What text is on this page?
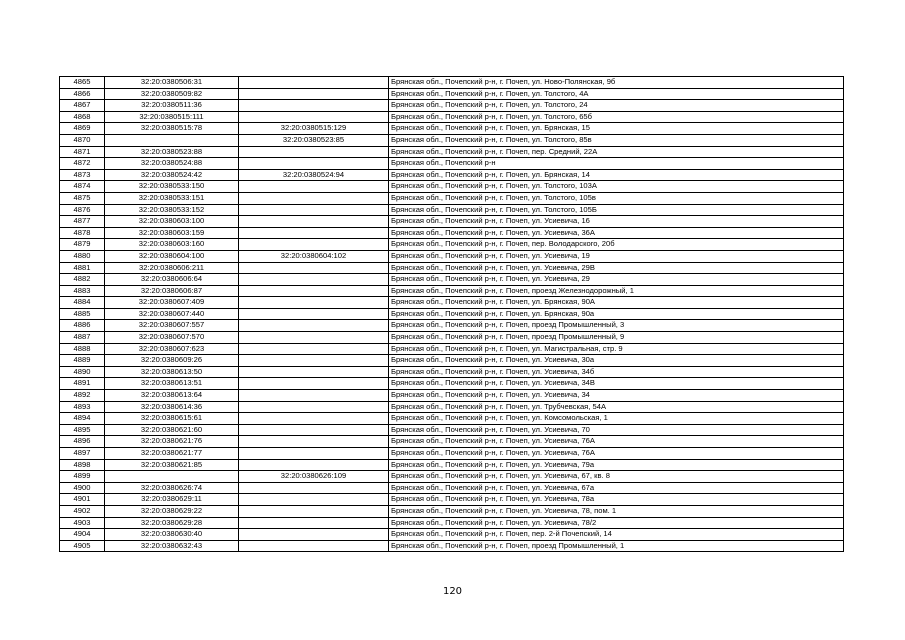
4865	32:20:0380506:31		Брянская обл., Почепский р-н, г. Почеп, ул. Ново-Полянская, 9б
4866	32:20:0380509:82		Брянская обл., Почепский р-н, г. Почеп, ул. Толстого, 4А
4867	32:20:0380511:36		Брянская обл., Почепский р-н, г. Почеп, ул. Толстого, 24
4868	32:20:0380515:111		Брянская обл., Почепский р-н, г. Почеп, ул. Толстого, 65б
4869	32:20:0380515:78	32:20:0380515:129	Брянская обл., Почепский р-н, г. Почеп, ул. Брянская, 15
4870		32:20:0380523:85	Брянская обл., Почепский р-н, г. Почеп, ул. Толстого, 85в
4871	32:20:0380523:88		Брянская обл., Почепский р-н, г. Почеп, пер. Средний, 22А
4872	32:20:0380524:88		Брянская обл., Почепский р-н
4873	32:20:0380524:42	32:20:0380524:94	Брянская обл., Почепский р-н, г. Почеп, ул. Брянская, 14
4874	32:20:0380533:150		Брянская обл., Почепский р-н, г. Почеп, ул. Толстого, 103А
4875	32:20:0380533:151		Брянская обл., Почепский р-н, г. Почеп, ул. Толстого, 105в
4876	32:20:0380533:152		Брянская обл., Почепский р-н, г. Почеп, ул. Толстого, 105Б
4877	32:20:0380603:100		Брянская обл., Почепский р-н, г. Почеп, ул. Усиевича, 16
4878	32:20:0380603:159		Брянская обл., Почепский р-н, г. Почеп, ул. Усиевича, 36А
4879	32:20:0380603:160		Брянская обл., Почепский р-н, г. Почеп, пер. Володарского, 20б
4880	32:20:0380604:100	32:20:0380604:102	Брянская обл., Почепский р-н, г. Почеп, ул. Усиевича, 19
4881	32:20:0380606:211		Брянская обл., Почепский р-н, г. Почеп, ул. Усиевича, 29В
4882	32:20:0380606:64		Брянская обл., Почепский р-н, г. Почеп, ул. Усиевича, 29
4883	32:20:0380606:87		Брянская обл., Почепский р-н, г. Почеп, проезд Железнодорожный, 1
4884	32:20:0380607:409		Брянская обл., Почепский р-н, г. Почеп, ул. Брянская, 90А
4885	32:20:0380607:440		Брянская обл., Почепский р-н, г. Почеп, ул. Брянская, 90а
4886	32:20:0380607:557		Брянская обл., Почепский р-н, г. Почеп, проезд Промышленный, 3
4887	32:20:0380607:570		Брянская обл., Почепский р-н, г. Почеп, проезд Промышленный, 9
4888	32:20:0380607:623		Брянская обл., Почепский р-н, г. Почеп, ул. Магистральная, стр. 9
4889	32:20:0380609:26		Брянская обл., Почепский р-н, г. Почеп, ул. Усиевича, 30а
4890	32:20:0380613:50		Брянская обл., Почепский р-н, г. Почеп, ул. Усиевича, 34б
4891	32:20:0380613:51		Брянская обл., Почепский р-н, г. Почеп, ул. Усиевича, 34В
4892	32:20:0380613:64		Брянская обл., Почепский р-н, г. Почеп, ул. Усиевича, 34
4893	32:20:0380614:36		Брянская обл., Почепский р-н, г. Почеп, ул. Трубчевская, 54А
4894	32:20:0380615:61		Брянская обл., Почепский р-н, г. Почеп, ул. Комсомольская, 1
4895	32:20:0380621:60		Брянская обл., Почепский р-н, г. Почеп, ул. Усиевича, 70
4896	32:20:0380621:76		Брянская обл., Почепский р-н, г. Почеп, ул. Усиевича, 76А
4897	32:20:0380621:77		Брянская обл., Почепский р-н, г. Почеп, ул. Усиевича, 76А
4898	32:20:0380621:85		Брянская обл., Почепский р-н, г. Почеп, ул. Усиевича, 79а
4899		32:20:0380626:109	Брянская обл., Почепский р-н, г. Почеп, ул. Усиевича, 67, кв. 8
4900	32:20:0380626:74		Брянская обл., Почепский р-н, г. Почеп, ул. Усиевича, 67а
4901	32:20:0380629:11		Брянская обл., Почепский р-н, г. Почеп, ул. Усиевича, 78а
4902	32:20:0380629:22		Брянская обл., Почепский р-н, г. Почеп, ул. Усиевича, 78, пом. 1
4903	32:20:0380629:28		Брянская обл., Почепский р-н, г. Почеп, ул. Усиевича, 78/2
4904	32:20:0380630:40		Брянская обл., Почепский р-н, г. Почеп, пер. 2-й Почепский, 14
4905	32:20:0380632:43		Брянская обл., Почепский р-н, г. Почеп, проезд Промышленный, 1
120
